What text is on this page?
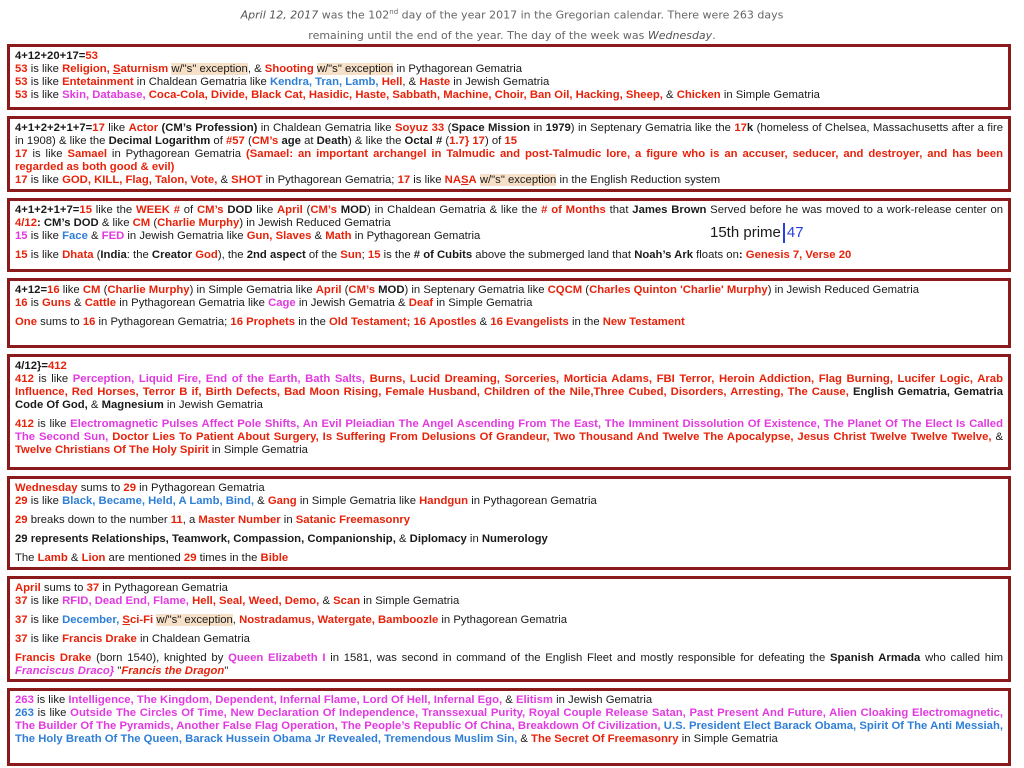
April 12, 2017 was the 102nd day of the year 2017 in the Gregorian calendar. There were 263 days
remaining until the end of the year. The day of the week was Wednesday.

4+12+20+17=53

53 is like Religion, Saturnism w/"s" exception, & Shooting w/"s" exception in Pythagorean Gematria

53 is like Entetainment in Chaldean Gematria like Kendra, Tran, Lamb, Hell, & Haste in Jewish Gematria

53 is like Skin, Database, Coca-Cola, Divide, Black Cat, Hasidic, Haste, Sabbath, Machine, Choir, Ban Oil, Hacking, Sheep, & Chicken in Simple Gematria

4+1+2+2+1+7=17 like Actor (CM’s Profession) in Chaldean Gematria like Soyuz 33 (Space Mission in 1979) in Septenary Gematria like the 17k (homeless of Chelsea, Massachusetts after a fire in 1908) & like the Decimal Logarithm of #57 (CM’s age at Death) & like the Octal # (1.7} 17) of 15

17 is like Samael in Pythagorean Gematria (Samael: an important archangel in Talmudic and post-Talmudic lore, a figure who is an accuser, seducer, and destroyer, and has been regarded as both good & evil)

17 is like GOD, KILL, Flag, Talon, Vote, & SHOT in Pythagorean Gematria; 17 is like NASA w/"s" exception in the English Reduction system

4+1+2+1+7=15 like the WEEK # of CM’s DOD like April (CM’s MOD) in Chaldean Gematria & like the # of Months that James Brown Served before he was moved to a work-release center on 4/12: CM’s DOD & like CM (Charlie Murphy) in Jewish Reduced Gematria

15 is like Face & FED in Jewish Gematria like Gun, Slaves & Math in Pythagorean Gematria

15 is like Dhata (India: the Creator God), the 2nd aspect of the Sun; 15 is the # of Cubits above the submerged land that Noah’s Ark floats on: Genesis 7, Verse 20

15th prime 47

4+12=16 like CM (Charlie Murphy) in Simple Gematria like April (CM’s MOD) in Septenary Gematria like CQCM (Charles Quinton 'Charlie' Murphy) in Jewish Reduced Gematria

16 is Guns & Cattle in Pythagorean Gematria like Cage in Jewish Gematria & Deaf in Simple Gematria

One sums to 16 in Pythagorean Gematria; 16 Prophets in the Old Testament; 16 Apostles & 16 Evangelists in the New Testament

4/12}=412

412 is like Perception, Liquid Fire, End of the Earth, Bath Salts, Burns, Lucid Dreaming, Sorceries, Morticia Adams, FBI Terror, Heroin Addiction, Flag Burning, Lucifer Logic, Arab Influence, Red Horses, Terror B if, Birth Defects, Bad Moon Rising, Female Husband, Children of the Nile,Three Cubed, Disorders, Arresting, The Cause, English Gematria, Gematria Code Of God, & Magnesium in Jewish Gematria

412 is like Electromagnetic Pulses Affect Pole Shifts, An Evil Pleiadian The Angel Ascending From The East, The Imminent Dissolution Of Existence, The Planet Of The Elect Is Called The Second Sun, Doctor Lies To Patient About Surgery, Is Suffering From Delusions Of Grandeur, Two Thousand And Twelve The Apocalypse, Jesus Christ Twelve Twelve Twelve, & Twelve Christians Of The Holy Spirit in Simple Gematria

Wednesday sums to 29 in Pythagorean Gematria

29 is like Black, Became, Held, A Lamb, Bind, & Gang in Simple Gematria like Handgun in Pythagorean Gematria

29 breaks down to the number 11, a Master Number in Satanic Freemasonry

29 represents Relationships, Teamwork, Compassion, Companionship, & Diplomacy in Numerology

The Lamb & Lion are mentioned 29 times in the Bible

April sums to 37 in Pythagorean Gematria

37 is like RFID, Dead End, Flame, Hell, Seal, Weed, Demo, & Scan in Simple Gematria

37 is like December, Sci-Fi w/"s" exception, Nostradamus, Watergate, Bamboozle in Pythagorean Gematria

37 is like Francis Drake in Chaldean Gematria

Francis Drake (born 1540), knighted by Queen Elizabeth I in 1581, was second in command of the English Fleet and mostly responsible for defeating the Spanish Armada who called him Franciscus Draco} "Francis the Dragon"

263 is like Intelligence, The Kingdom, Dependent, Infernal Flame, Lord Of Hell, Infernal Ego, & Elitism in Jewish Gematria

263 is like Outside The Circles Of Time, New Declaration Of Independence, Transsexual Purity, Royal Couple Release Satan, Past Present And Future, Alien Cloaking Electromagnetic, The Builder Of The Pyramids, Another False Flag Operation, The People’s Republic Of China, Breakdown Of Civilization, U.S. President Elect Barack Obama, Spirit Of The Anti Messiah, The Holy Breath Of The Queen, Barack Hussein Obama Jr Revealed, Tremendous Muslim Sin, & The Secret Of Freemasonry in Simple Gematria
